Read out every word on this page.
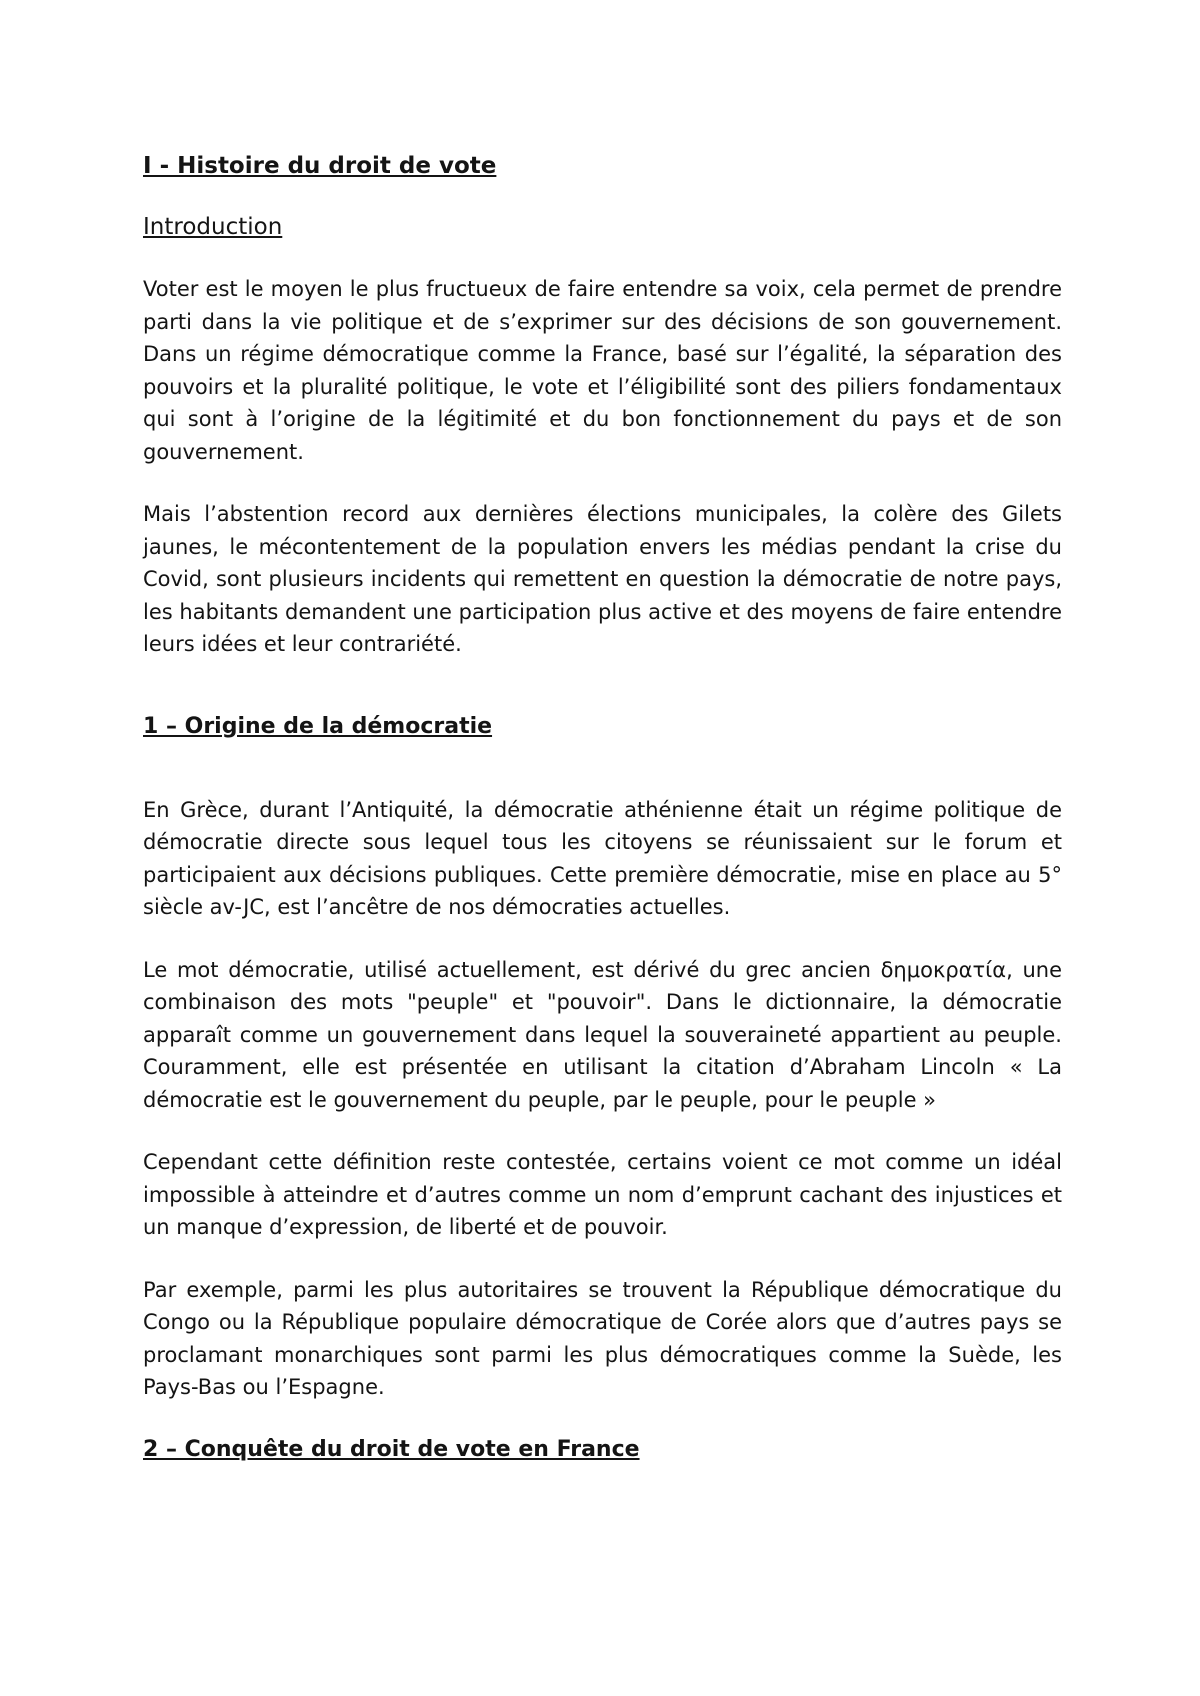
I - Histoire du droit de vote
Introduction

Voter est le moyen le plus fructueux de faire entendre sa voix, cela permet de prendre parti dans la vie politique et de s’exprimer sur des décisions de son gouvernement. Dans un régime démocratique comme la France, basé sur l’égalité, la séparation des pouvoirs et la pluralité politique, le vote et l’éligibilité sont des piliers fondamentaux qui sont à l’origine de la légitimité et du bon fonctionnement du pays et de son gouvernement.

Mais l’abstention record aux dernières élections municipales, la colère des Gilets jaunes, le mécontentement de la population envers les médias pendant la crise du Covid, sont plusieurs incidents qui remettent en question la démocratie de notre pays, les habitants demandent une participation plus active et des moyens de faire entendre leurs idées et leur contrariété.

1 – Origine de la démocratie

En Grèce, durant l’Antiquité, la démocratie athénienne était un régime politique de démocratie directe sous lequel tous les citoyens se réunissaient sur le forum et participaient aux décisions publiques. Cette première démocratie, mise en place au 5° siècle av-JC, est l’ancêtre de nos démocraties actuelles.

Le mot démocratie, utilisé actuellement, est dérivé du grec ancien δημοκρατία, une combinaison des mots "peuple" et "pouvoir". Dans le dictionnaire, la démocratie apparaît comme un gouvernement dans lequel la souveraineté appartient au peuple. Couramment, elle est présentée en utilisant la citation d’Abraham Lincoln « La démocratie est le gouvernement du peuple, par le peuple, pour le peuple »

Cependant cette définition reste contestée, certains voient ce mot comme un idéal impossible à atteindre et d’autres comme un nom d’emprunt cachant des injustices et un manque d’expression, de liberté et de pouvoir.

Par exemple, parmi les plus autoritaires se trouvent la République démocratique du Congo ou la République populaire démocratique de Corée alors que d’autres pays se proclamant monarchiques sont parmi les plus démocratiques comme la Suède, les Pays-Bas ou l’Espagne.

2 – Conquête du droit de vote en France
